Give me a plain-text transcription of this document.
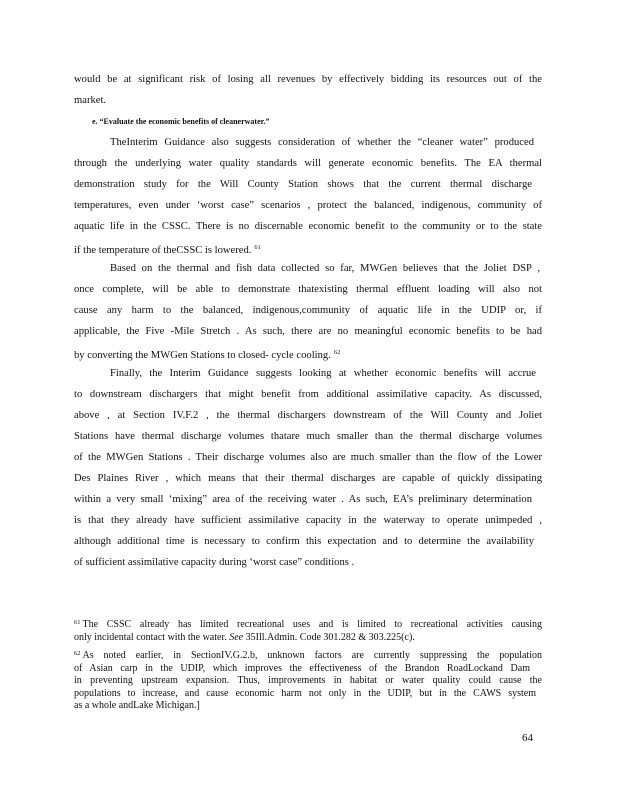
would be at significant risk of losing all revenues by effectively bidding its resources out of the
market.
e. “Evaluate the economic benefits of cleanerwater.”
TheInterim Guidance also suggests consideration of whether the “cleaner water” produced
through the underlying water quality standards will generate economic benefits. The EA thermal
demonstration study for the Will County Station shows that the current thermal discharge
temperatures, even under ‘worst case” scenarios , protect the balanced, indigenous, community of
aquatic life in the CSSC. There is no discernable economic benefit to the community or to the state
if the temperature of theCSSC is lowered. $^{61}$
Based on the thermal and fish data collected so far, MWGen believes that the Joliet DSP ,
once complete, will be able to demonstrate thatexisting thermal effluent loading will also not
cause any harm to the balanced, indigenous,community of aquatic life in the UDIP or, if
applicable, the Five -Mile Stretch . As such, there are no meaningful economic benefits to be had
by converting the MWGen Stations to closed- cycle cooling. $^{62}$
Finally, the Interim Guidance suggests looking at whether economic benefits will accrue
to downstream dischargers that might benefit from additional assimilative capacity. As discussed,
above , at Section IV.F.2 , the thermal dischargers downstream of the Will County and Joliet
Stations have thermal discharge volumes thatare much smaller than the thermal discharge volumes
of the MWGen Stations . Their discharge volumes also are much smaller than the flow of the Lower
Des Plaines River , which means that their thermal discharges are capable of quickly dissipating
within a very small ‘mixing” area of the receiving water . As such, EA’s preliminary determination
is that they already have sufficient assimilative capacity in the waterway to operate unimpeded ,
although additional time is necessary to confirm this expectation and to determine the availability
of sufficient assimilative capacity during ‘worst case” conditions .
$^{61}$ The CSSC already has limited recreational uses and is limited to recreational activities causing
only incidental contact with the water. See 35Ill.Admin. Code 301.282 & 303.225(c).
$^{62}$ As noted earlier, in SectionIV.G.2.b, unknown factors are currently suppressing the population
of Asian carp in the UDIP, which improves the effectiveness of the Brandon RoadLockand Dam
in preventing upstream expansion. Thus, improvements in habitat or water quality could cause the
populations to increase, and cause economic harm not only in the UDIP, but in the CAWS system
as a whole andLake Michigan.]
64
